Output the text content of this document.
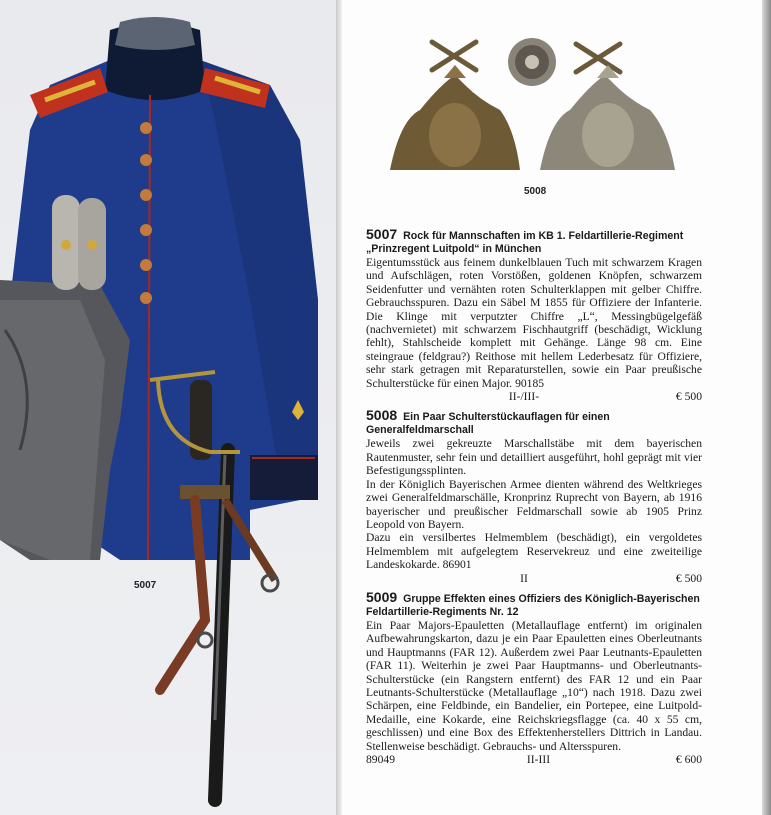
5007
5008
5007 Rock für Mannschaften im KB 1. Feldartillerie-Regiment „Prinzregent Luitpold“ in München

Eigentumsstück aus feinem dunkelblauen Tuch mit schwarzem Kragen und Aufschlägen, roten Vorstößen, goldenen Knöpfen, schwarzem Seidenfutter und vernähten roten Schulterklappen mit gelber Chiffre. Gebrauchsspuren. Dazu ein Säbel M 1855 für Offiziere der Infanterie. Die Klinge mit verputzter Chiffre „L“, Messingbügelgefäß (nachvernietet) mit schwarzem Fischhautgriff (beschädigt, Wicklung fehlt), Stahlscheide komplett mit Gehänge. Länge 98 cm. Eine steingraue (feldgrau?) Reithose mit hellem Lederbesatz für Offiziere, sehr stark getragen mit Reparaturstellen, sowie ein Paar preußische Schulterstücke für einen Major. 90185

II-/III-	€ 500
5008 Ein Paar Schulterstückauflagen für einen Generalfeldmarschall

Jeweils zwei gekreuzte Marschallstäbe mit dem bayerischen Rautenmuster, sehr fein und detailliert ausgeführt, hohl geprägt mit vier Befestigungssplinten.

In der Königlich Bayerischen Armee dienten während des Weltkrieges zwei Generalfeldmarschälle, Kronprinz Ruprecht von Bayern, ab 1916 bayerischer und preußischer Feldmarschall sowie ab 1905 Prinz Leopold von Bayern.

Dazu ein versilbertes Helmemblem (beschädigt), ein vergoldetes Helmemblem mit aufgelegtem Reservekreuz und eine zweiteilige Landeskokarde. 86901

II	€ 500
5009 Gruppe Effekten eines Offiziers des Königlich-Bayerischen Feldartillerie-Regiments Nr. 12

Ein Paar Majors-Epauletten (Metallauflage entfernt) im originalen Aufbewahrungskarton, dazu je ein Paar Epauletten eines Oberleutnants und Hauptmanns (FAR 12). Außerdem zwei Paar Leutnants-Epauletten (FAR 11). Weiterhin je zwei Paar Hauptmanns- und Oberleutnants-Schulterstücke (ein Rangstern entfernt) des FAR 12 und ein Paar Leutnants-Schulterstücke (Metallauflage „10“) nach 1918. Dazu zwei Schärpen, eine Feldbinde, ein Bandelier, ein Portepee, eine Luitpold-Medaille, eine Kokarde, eine Reichskriegsflagge (ca. 40 x 55 cm, geschlissen) und eine Box des Effektenherstellers Dittrich in Landau. Stellenweise beschädigt. Gebrauchs- und Altersspuren.

89049	II-III	€ 600
